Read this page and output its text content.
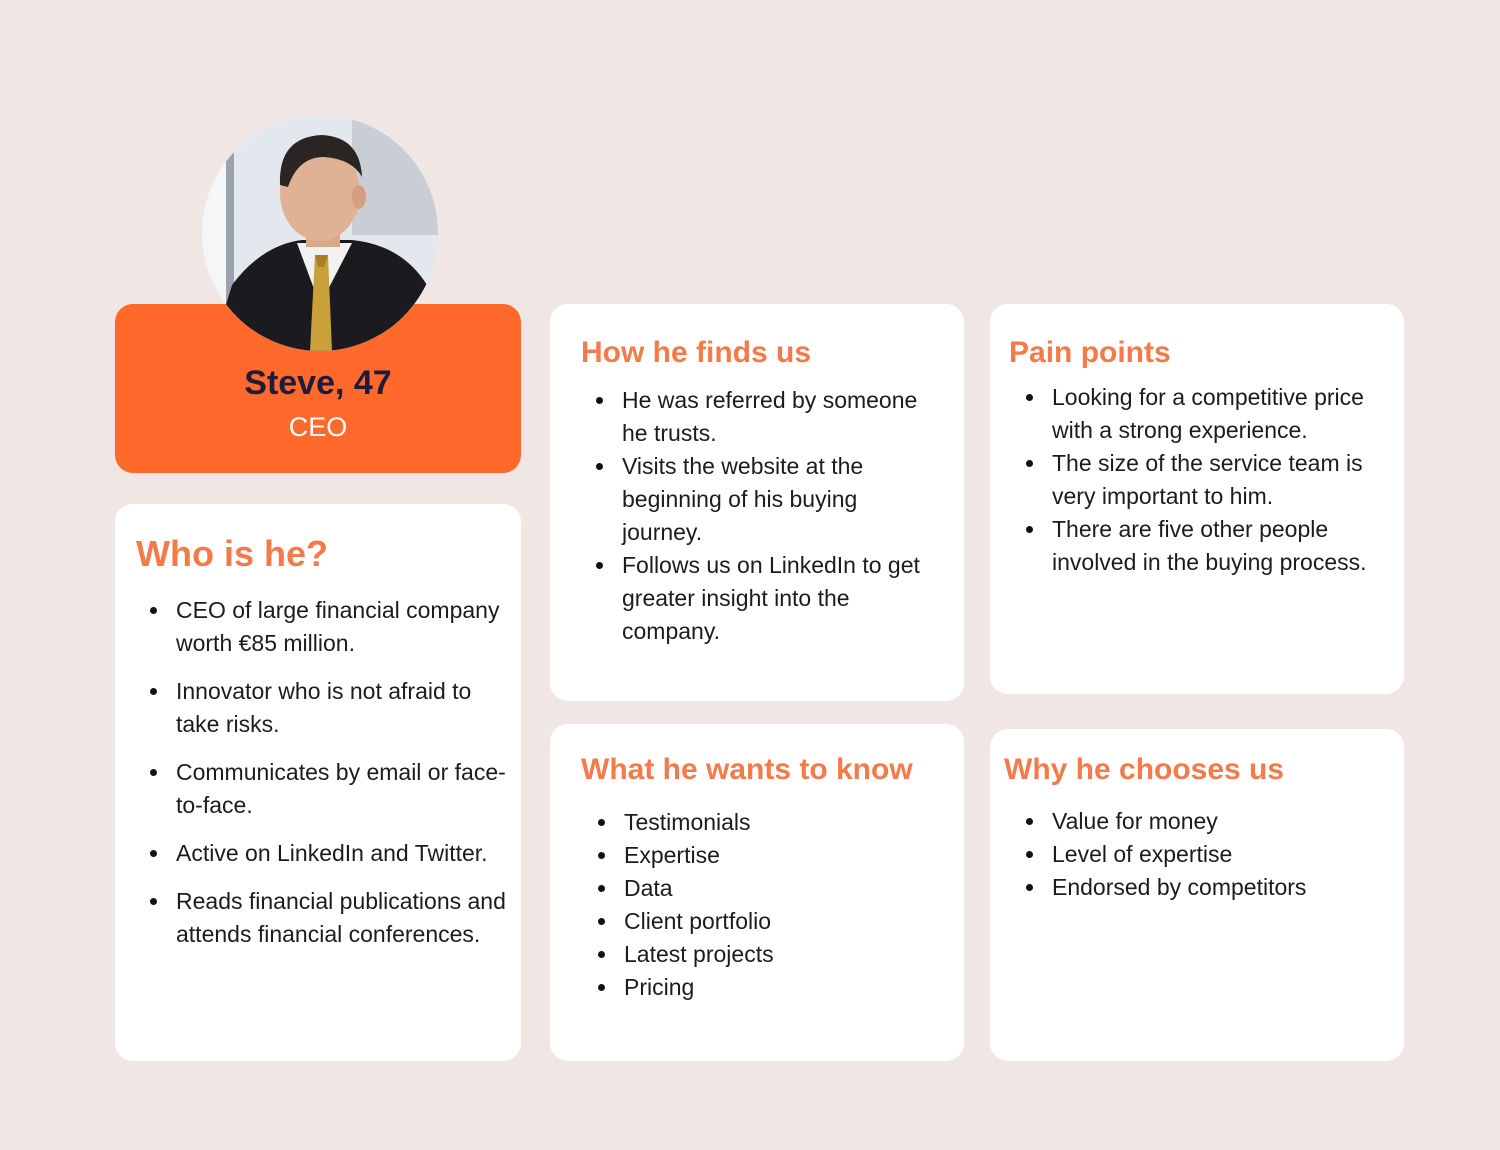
Steve, 47
CEO
Who is he?
CEO of large financial company worth €85 million.
Innovator who is not afraid to take risks.
Communicates by email or face-to-face.
Active on LinkedIn and Twitter.
Reads financial publications and attends financial conferences.
How he finds us
He was referred by someone he trusts.
Visits the website at the beginning of his buying journey.
Follows us on LinkedIn to get greater insight into the company.
Pain points
Looking for a competitive price with a strong experience.
The size of the service team is very important to him.
There are five other people involved in the buying process.
What he wants to know
Testimonials
Expertise
Data
Client portfolio
Latest projects
Pricing
Why he chooses us
Value for money
Level of expertise
Endorsed by competitors
